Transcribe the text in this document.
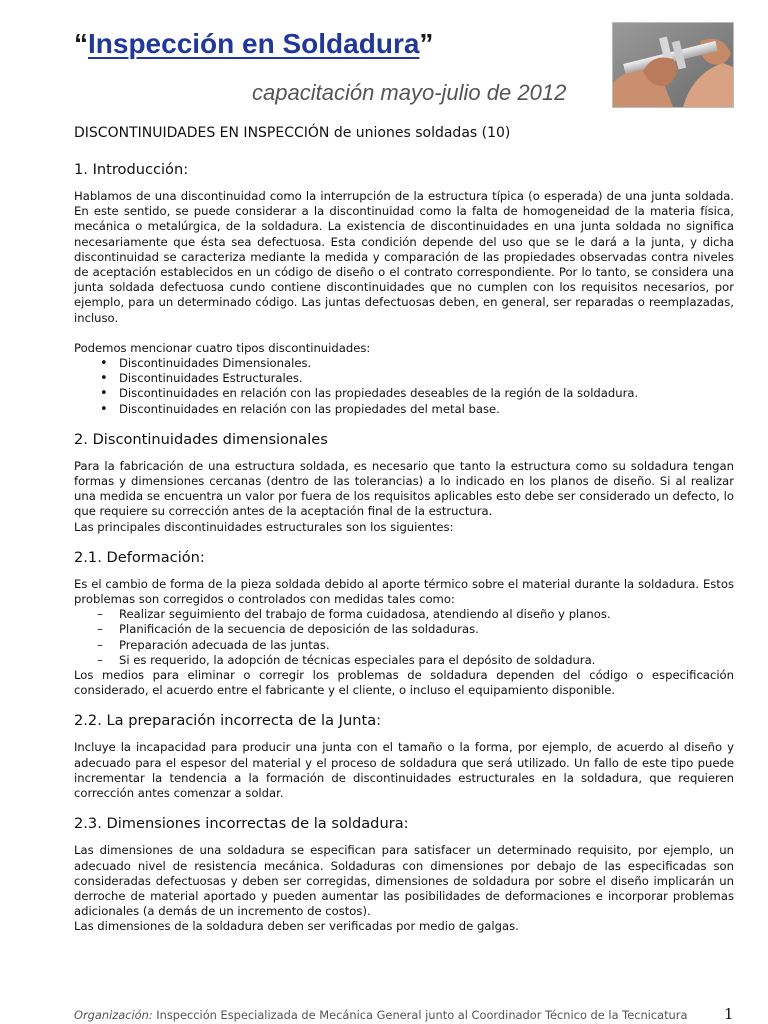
“Inspección en Soldadura”
capacitación mayo-julio de 2012
DISCONTINUIDADES EN INSPECCIÓN de uniones soldadas (10)
1. Introducción:

Hablamos de una discontinuidad como la interrupción de la estructura típica (o esperada) de una junta soldada. En este sentido, se puede considerar a la discontinuidad como la falta de homogeneidad de la materia física, mecánica o metalúrgica, de la soldadura. La existencia de discontinuidades en una junta soldada no significa necesariamente que ésta sea defectuosa. Esta condición depende del uso que se le dará a la junta, y dicha discontinuidad se caracteriza mediante la medida y comparación de las propiedades observadas contra niveles de aceptación establecidos en un código de diseño o el contrato correspondiente. Por lo tanto, se considera una junta soldada defectuosa cundo contiene discontinuidades que no cumplen con los requisitos necesarios, por ejemplo, para un determinado código. Las juntas defectuosas deben, en general, ser reparadas o reemplazadas, incluso.

Podemos mencionar cuatro tipos discontinuidades:

• Discontinuidades Dimensionales.
• Discontinuidades Estructurales.
• Discontinuidades en relación con las propiedades deseables de la región de la soldadura.
• Discontinuidades en relación con las propiedades del metal base.
2. Discontinuidades dimensionales

Para la fabricación de una estructura soldada, es necesario que tanto la estructura como su soldadura tengan formas y dimensiones cercanas (dentro de las tolerancias) a lo indicado en los planos de diseño. Si al realizar una medida se encuentra un valor por fuera de los requisitos aplicables esto debe ser considerado un defecto, lo que requiere su corrección antes de la aceptación final de la estructura.

Las principales discontinuidades estructurales son los siguientes:

2.1. Deformación:

Es el cambio de forma de la pieza soldada debido al aporte térmico sobre el material durante la soldadura. Estos problemas son corregidos o controlados con medidas tales como:

– Realizar seguimiento del trabajo de forma cuidadosa, atendiendo al diseño y planos.
– Planificación de la secuencia de deposición de las soldaduras.
– Preparación adecuada de las juntas.
– Si es requerido, la adopción de técnicas especiales para el depósito de soldadura.

Los medios para eliminar o corregir los problemas de soldadura dependen del código o especificación considerado, el acuerdo entre el fabricante y el cliente, o incluso el equipamiento disponible.

2.2. La preparación incorrecta de la Junta:

Incluye la incapacidad para producir una junta con el tamaño o la forma, por ejemplo, de acuerdo al diseño y adecuado para el espesor del material y el proceso de soldadura que será utilizado. Un fallo de este tipo puede incrementar la tendencia a la formación de discontinuidades estructurales en la soldadura, que requieren corrección antes comenzar a soldar.

2.3. Dimensiones incorrectas de la soldadura:

Las dimensiones de una soldadura se especifican para satisfacer un determinado requisito, por ejemplo, un adecuado nivel de resistencia mecánica. Soldaduras con dimensiones por debajo de las especificadas son consideradas defectuosas y deben ser corregidas, dimensiones de soldadura por sobre el diseño implicarán un derroche de material aportado y pueden aumentar las posibilidades de deformaciones e incorporar problemas adicionales (a demás de un incremento de costos).

Las dimensiones de la soldadura deben ser verificadas por medio de galgas.

Organización: Inspección Especializada de Mecánica General junto al Coordinador Técnico de la Tecnicatura	1
